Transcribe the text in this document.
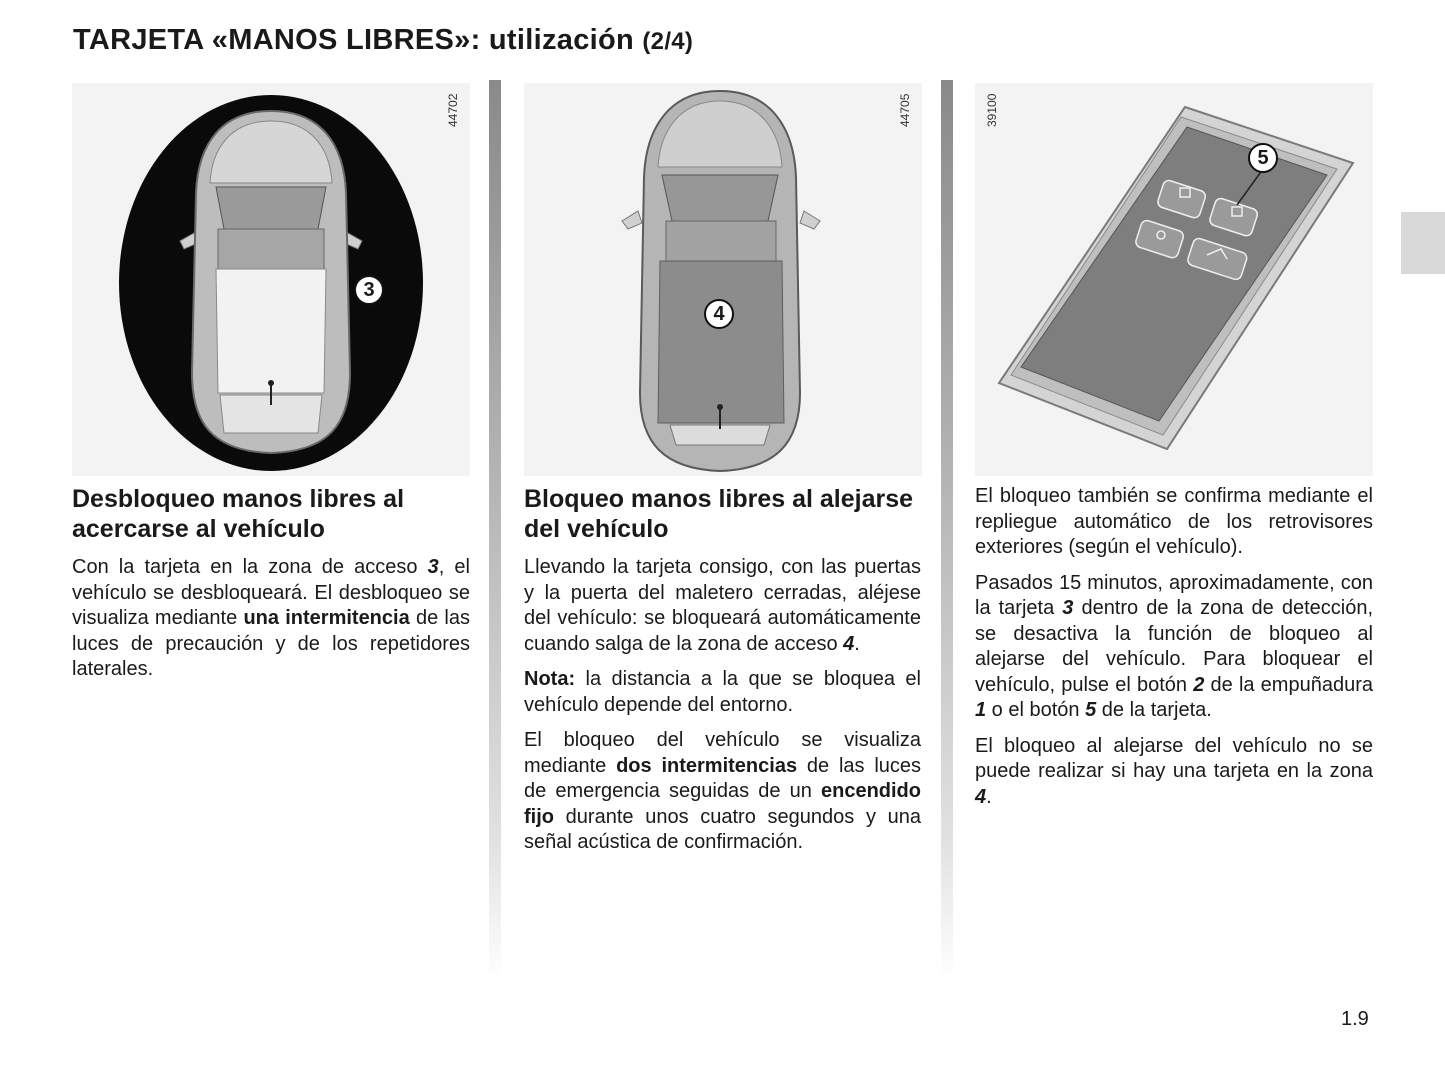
TARJETA «MANOS LIBRES»: utilización (2/4)
44702
3
44705
4
39100
5
Desbloqueo manos libres al acercarse al vehículo

Con la tarjeta en la zona de acceso 3, el vehículo se desbloqueará. El desbloqueo se visualiza mediante una intermitencia de las luces de precaución y de los repetidores laterales.

Bloqueo manos libres al alejarse del vehículo

Llevando la tarjeta consigo, con las puertas y la puerta del maletero cerradas, aléjese del vehículo: se bloqueará automáticamente cuando salga de la zona de acceso 4.

Nota: la distancia a la que se bloquea el vehículo depende del entorno.

El bloqueo del vehículo se visualiza mediante dos intermitencias de las luces de emergencia seguidas de un encendido fijo durante unos cuatro segundos y una señal acústica de confirmación.

El bloqueo también se confirma mediante el repliegue automático de los retrovisores exteriores (según el vehículo).

Pasados 15 minutos, aproximadamente, con la tarjeta 3 dentro de la zona de detección, se desactiva la función de bloqueo al alejarse del vehículo. Para bloquear el vehículo, pulse el botón 2 de la empuñadura 1 o el botón 5 de la tarjeta.

El bloqueo al alejarse del vehículo no se puede realizar si hay una tarjeta en la zona 4.

1.9
